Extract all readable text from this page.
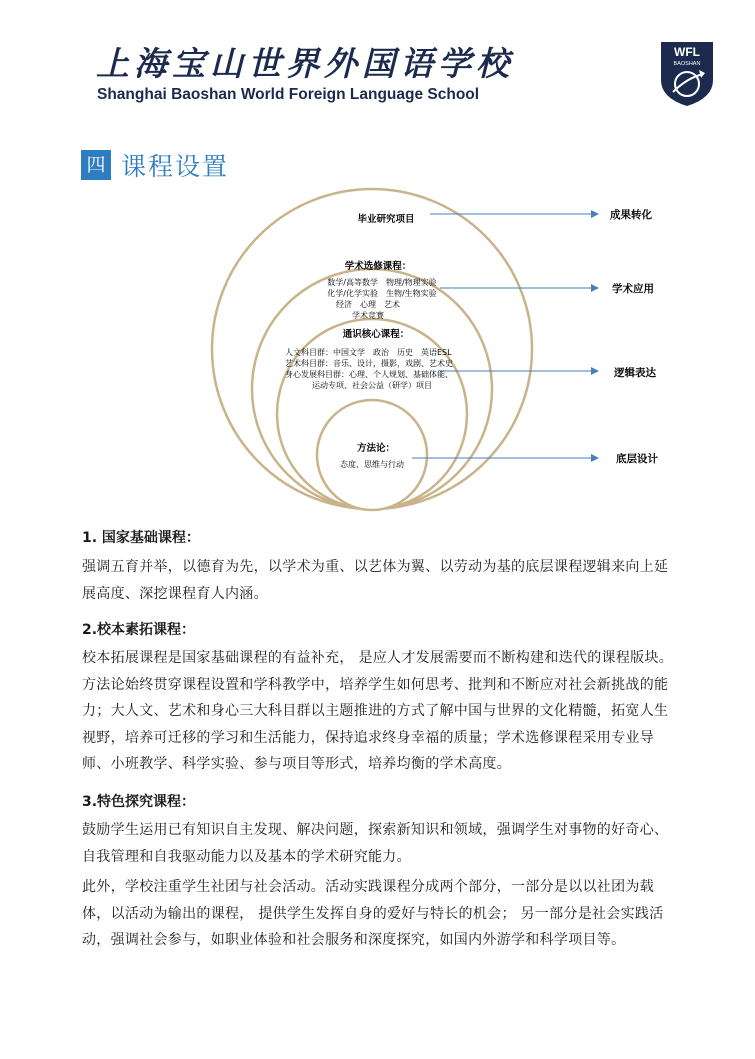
上海宝山世界外国语学校
Shanghai Baoshan World Foreign Language School
WFL
BAOSHAN
四 课程设置
毕业研究项目
学术选修课程：
数学/高等数学　物理/物理实验
化学/化学实验　生物/生物实验
经济　心理　艺术
学术竞赛
通识核心课程：
人文科目群：中国文学　政治　历史　英语ESL
艺术科目群：音乐、设计，摄影，戏剧、艺术史
身心发展科目群：心理、个人规划、基础体能、
运动专项、社会公益（研学）项目
方法论：
态度、思维与行动
成果转化
学术应用
逻辑表达
底层设计
1. 国家基础课程：
强调五育并举，以德育为先，以学术为重、以艺体为翼、以劳动为基的底层课程逻辑来向上延展高度、深挖课程育人内涵。
2.校本素拓课程：
校本拓展课程是国家基础课程的有益补充， 是应人才发展需要而不断构建和迭代的课程版块。方法论始终贯穿课程设置和学科教学中，培养学生如何思考、批判和不断应对社会新挑战的能力；大人文、艺术和身心三大科目群以主题推进的方式了解中国与世界的文化精髓，拓宽人生视野，培养可迁移的学习和生活能力，保持追求终身幸福的质量；学术选修课程采用专业导师、小班教学、科学实验、参与项目等形式，培养均衡的学术高度。
3.特色探究课程：
鼓励学生运用已有知识自主发现、解决问题，探索新知识和领域，强调学生对事物的好奇心、自我管理和自我驱动能力以及基本的学术研究能力。
此外，学校注重学生社团与社会活动。活动实践课程分成两个部分，一部分是以以社团为载体，以活动为输出的课程， 提供学生发挥自身的爱好与特长的机会； 另一部分是社会实践活动，强调社会参与，如职业体验和社会服务和深度探究，如国内外游学和科学项目等。
